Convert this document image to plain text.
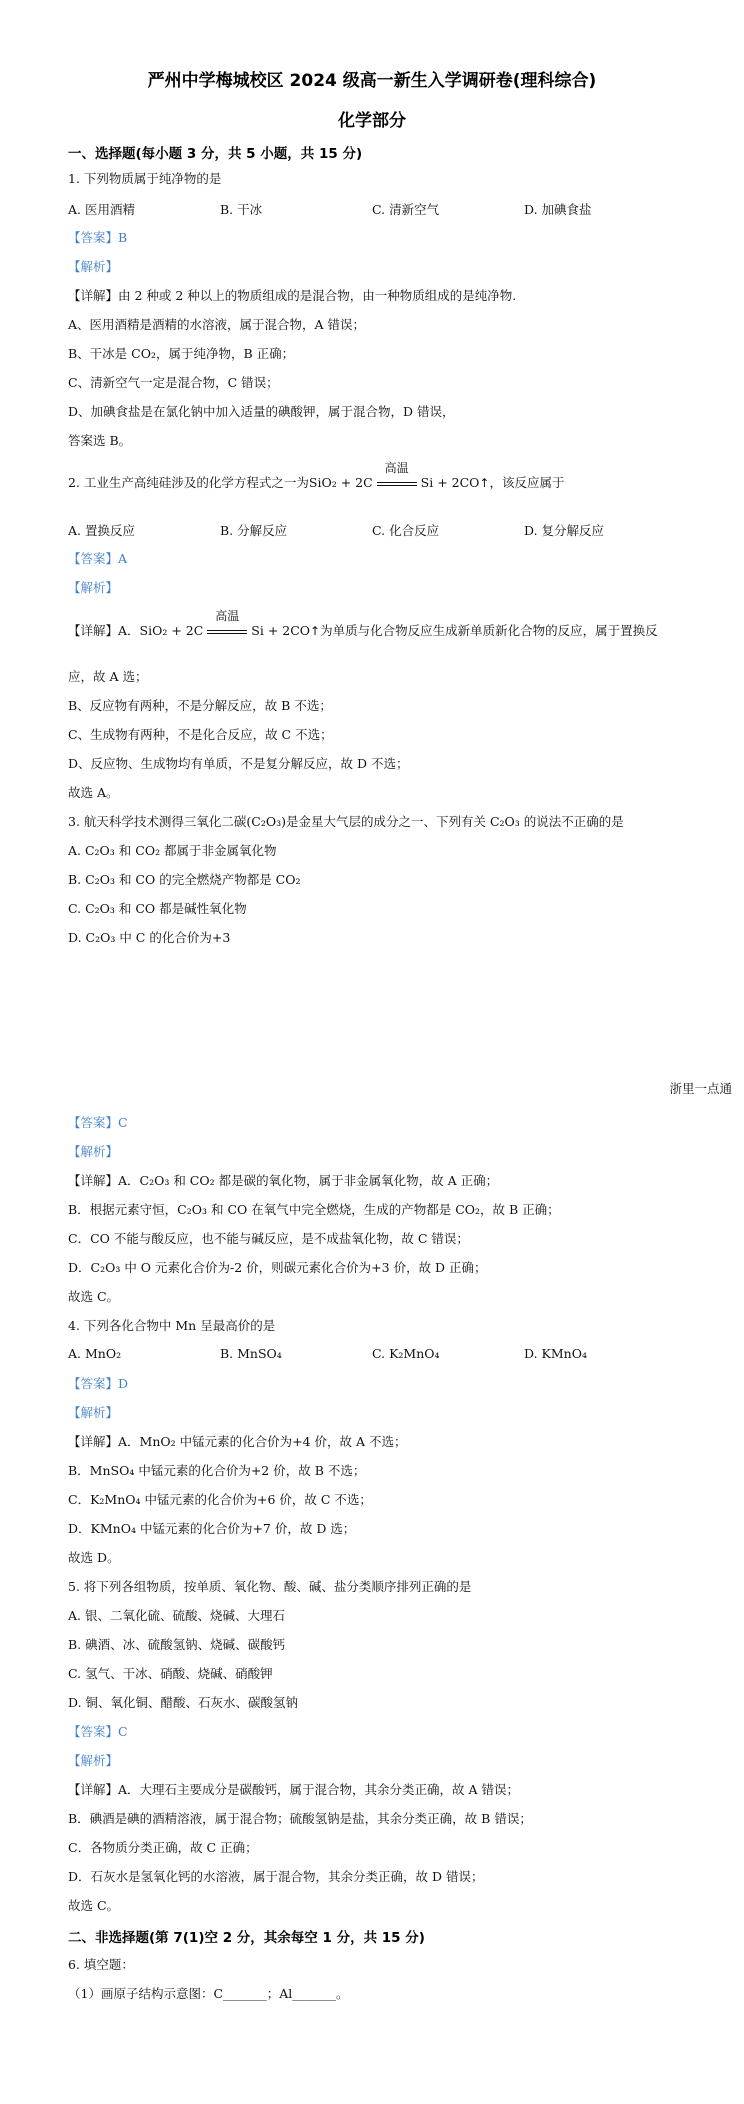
严州中学梅城校区 2024 级高一新生入学调研卷(理科综合)
化学部分
一、选择题(每小题 3 分，共 5 小题，共 15 分)
1. 下列物质属于纯净物的是
A. 医用酒精	B. 干冰	C. 清新空气	D. 加碘食盐
【答案】B
【解析】
【详解】由 2 种或 2 种以上的物质组成的是混合物，由一种物质组成的是纯净物.
A、医用酒精是酒精的水溶液，属于混合物，A 错误；
B、干冰是 CO₂，属于纯净物，B 正确；
C、清新空气一定是混合物，C 错误；
D、加碘食盐是在氯化钠中加入适量的碘酸钾，属于混合物，D 错误，
答案选 B。
2. 工业生产高纯硅涉及的化学方程式之一为SiO₂ + 2C
高温
Si + 2CO↑，该反应属于
A. 置换反应	B. 分解反应	C. 化合反应	D. 复分解反应
【答案】A
【解析】
【详解】A．SiO₂ + 2C
高温
Si + 2CO↑为单质与化合物反应生成新单质新化合物的反应，属于置换反
应，故 A 选；
B、反应物有两种，不是分解反应，故 B 不选；
C、生成物有两种，不是化合反应，故 C 不选；
D、反应物、生成物均有单质，不是复分解反应，故 D 不选；
故选 A。
3. 航天科学技术测得三氧化二碳(C₂O₃)是金星大气层的成分之一、下列有关 C₂O₃ 的说法不正确的是
A. C₂O₃ 和 CO₂ 都属于非金属氧化物
B. C₂O₃ 和 CO 的完全燃烧产物都是 CO₂
C. C₂O₃ 和 CO 都是碱性氧化物
D. C₂O₃ 中 C 的化合价为+3
浙里一点通
【答案】C
【解析】
【详解】A．C₂O₃ 和 CO₂ 都是碳的氧化物，属于非金属氧化物，故 A 正确；
B．根据元素守恒，C₂O₃ 和 CO 在氧气中完全燃烧，生成的产物都是 CO₂，故 B 正确；
C．CO 不能与酸反应，也不能与碱反应，是不成盐氧化物，故 C 错误；
D．C₂O₃ 中 O 元素化合价为-2 价，则碳元素化合价为+3 价，故 D 正确；
故选 C。
4. 下列各化合物中 Mn 呈最高价的是
A. MnO₂	B. MnSO₄	C. K₂MnO₄	D. KMnO₄
【答案】D
【解析】
【详解】A．MnO₂ 中锰元素的化合价为+4 价，故 A 不选；
B．MnSO₄ 中锰元素的化合价为+2 价，故 B 不选；
C．K₂MnO₄ 中锰元素的化合价为+6 价，故 C 不选；
D．KMnO₄ 中锰元素的化合价为+7 价，故 D 选；
故选 D。
5. 将下列各组物质，按单质、氧化物、酸、碱、盐分类顺序排列正确的是
A. 银、二氧化硫、硫酸、烧碱、大理石
B. 碘酒、冰、硫酸氢钠、烧碱、碳酸钙
C. 氢气、干冰、硝酸、烧碱、硝酸钾
D. 铜、氧化铜、醋酸、石灰水、碳酸氢钠
【答案】C
【解析】
【详解】A．大理石主要成分是碳酸钙，属于混合物，其余分类正确，故 A 错误；
B．碘酒是碘的酒精溶液，属于混合物；硫酸氢钠是盐，其余分类正确，故 B 错误；
C．各物质分类正确，故 C 正确；
D．石灰水是氢氧化钙的水溶液，属于混合物，其余分类正确，故 D 错误；
故选 C。
二、非选择题(第 7(1)空 2 分，其余每空 1 分，共 15 分)
6. 填空题：
（1）画原子结构示意图：C_______；Al_______。
